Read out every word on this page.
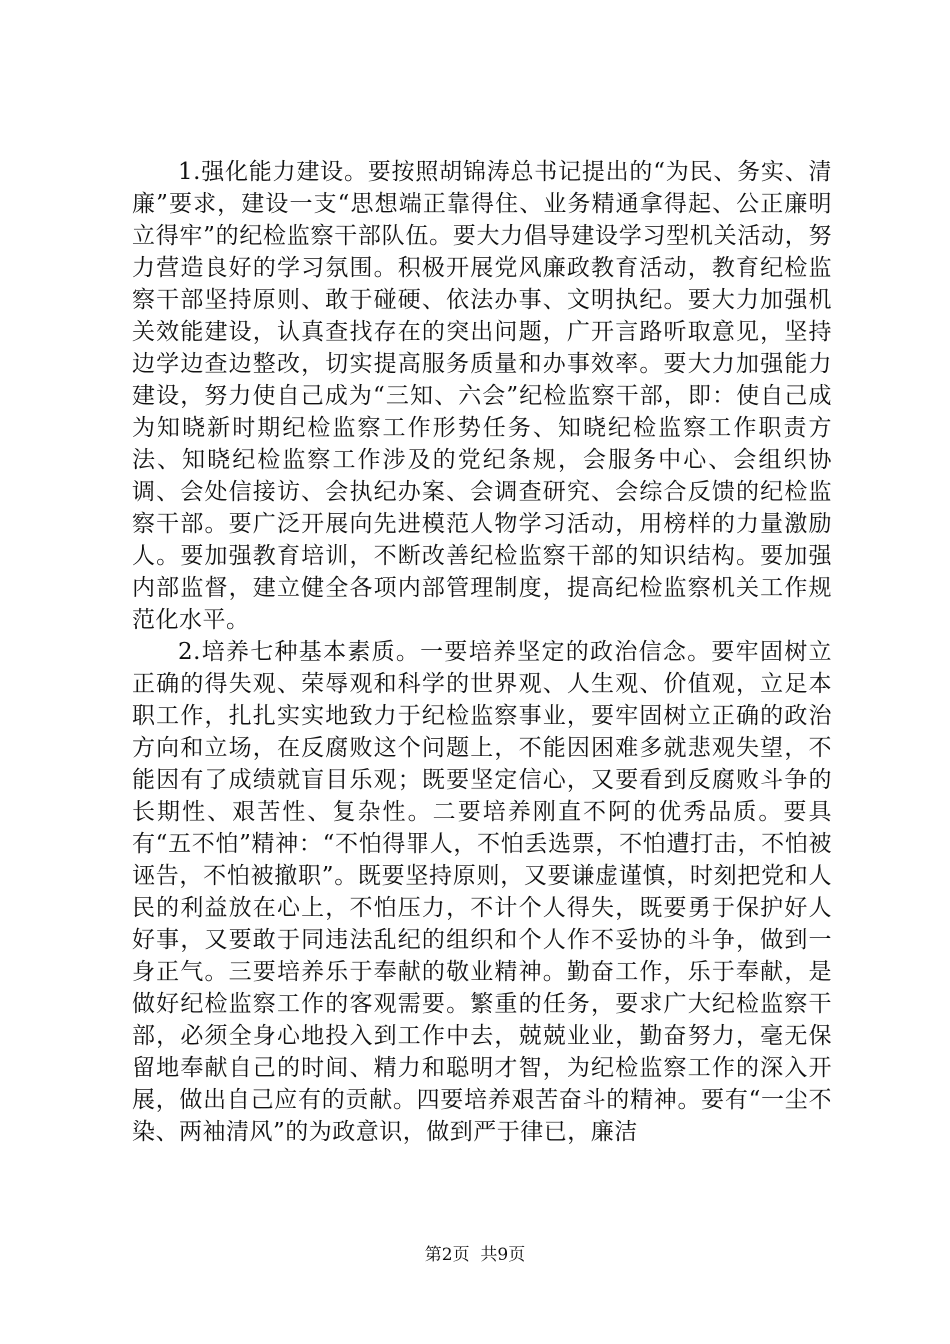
1.强化能力建设。要按照胡锦涛总书记提出的“为民、务实、清廉”要求，建设一支“思想端正靠得住、业务精通拿得起、公正廉明立得牢”的纪检监察干部队伍。要大力倡导建设学习型机关活动，努力营造良好的学习氛围。积极开展党风廉政教育活动，教育纪检监察干部坚持原则、敢于碰硬、依法办事、文明执纪。要大力加强机关效能建设，认真查找存在的突出问题，广开言路听取意见，坚持边学边查边整改，切实提高服务质量和办事效率。要大力加强能力建设，努力使自己成为“三知、六会”纪检监察干部，即：使自己成为知晓新时期纪检监察工作形势任务、知晓纪检监察工作职责方法、知晓纪检监察工作涉及的党纪条规，会服务中心、会组织协调、会处信接访、会执纪办案、会调查研究、会综合反馈的纪检监察干部。要广泛开展向先进模范人物学习活动，用榜样的力量激励人。要加强教育培训，不断改善纪检监察干部的知识结构。要加强内部监督，建立健全各项内部管理制度，提高纪检监察机关工作规范化水平。

2.培养七种基本素质。一要培养坚定的政治信念。要牢固树立正确的得失观、荣辱观和科学的世界观、人生观、价值观，立足本职工作，扎扎实实地致力于纪检监察事业，要牢固树立正确的政治方向和立场，在反腐败这个问题上，不能因困难多就悲观失望，不能因有了成绩就盲目乐观；既要坚定信心，又要看到反腐败斗争的长期性、艰苦性、复杂性。二要培养刚直不阿的优秀品质。要具有“五不怕”精神：“不怕得罪人，不怕丢选票，不怕遭打击，不怕被诬告，不怕被撤职”。既要坚持原则，又要谦虚谨慎，时刻把党和人民的利益放在心上，不怕压力，不计个人得失，既要勇于保护好人好事，又要敢于同违法乱纪的组织和个人作不妥协的斗争，做到一身正气。三要培养乐于奉献的敬业精神。勤奋工作，乐于奉献，是做好纪检监察工作的客观需要。繁重的任务，要求广大纪检监察干部，必须全身心地投入到工作中去，兢兢业业，勤奋努力，毫无保留地奉献自己的时间、精力和聪明才智，为纪检监察工作的深入开展，做出自己应有的贡献。四要培养艰苦奋斗的精神。要有“一尘不染、两袖清风”的为政意识，做到严于律已，廉洁

第2页  共9页
